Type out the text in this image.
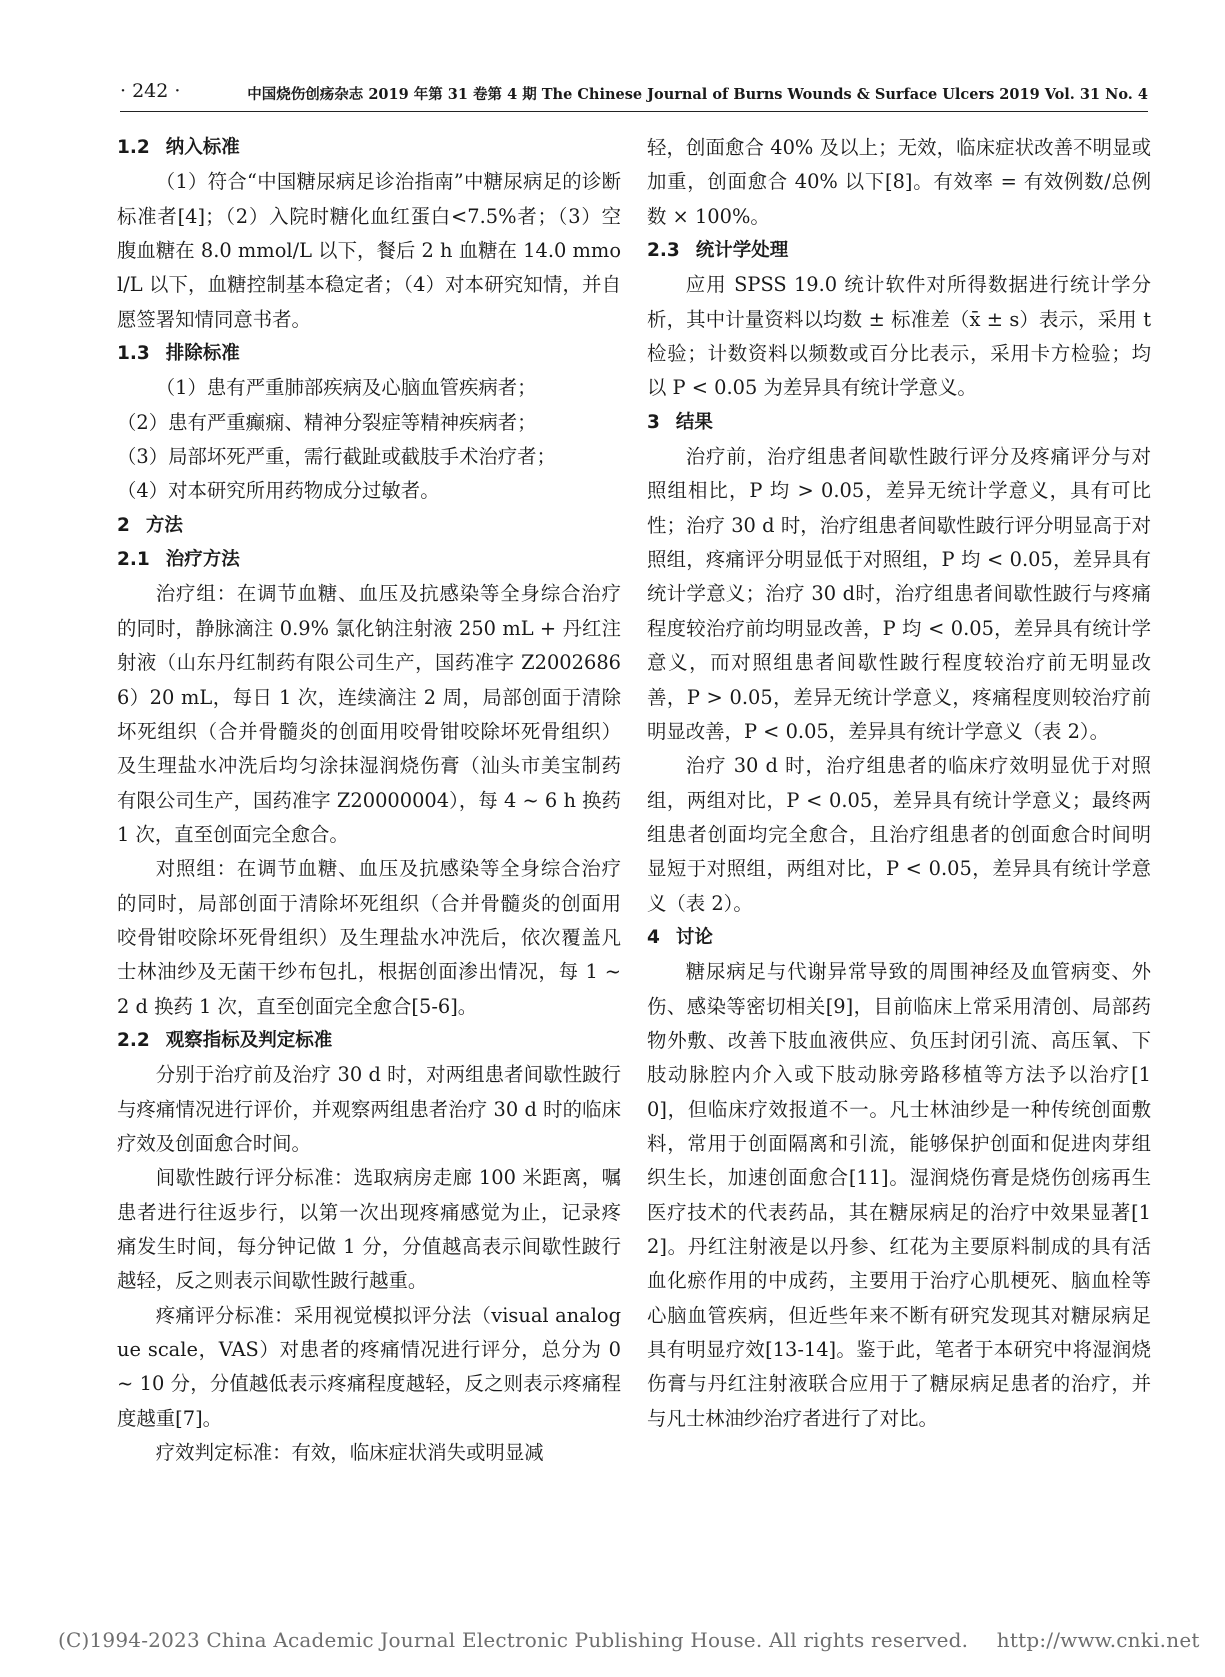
· 242 ·	中国烧伤创疡杂志 2019 年第 31 卷第 4 期 The Chinese Journal of Burns Wounds & Surface Ulcers 2019 Vol. 31 No. 4

1.2 纳入标准

（1）符合“中国糖尿病足诊治指南”中糖尿病足的诊断标准者[4]；（2）入院时糖化血红蛋白<7.5%者；（3）空腹血糖在 8.0 mmol/L 以下，餐后 2 h 血糖在 14.0 mmol/L 以下，血糖控制基本稳定者；（4）对本研究知情，并自愿签署知情同意书者。

1.3 排除标准

（1）患有严重肺部疾病及心脑血管疾病者；

（2）患有严重癫痫、精神分裂症等精神疾病者；

（3）局部坏死严重，需行截趾或截肢手术治疗者；

（4）对本研究所用药物成分过敏者。

2 方法

2.1 治疗方法

治疗组：在调节血糖、血压及抗感染等全身综合治疗的同时，静脉滴注 0.9% 氯化钠注射液 250 mL + 丹红注射液（山东丹红制药有限公司生产，国药准字 Z20026866）20 mL，每日 1 次，连续滴注 2 周，局部创面于清除坏死组织（合并骨髓炎的创面用咬骨钳咬除坏死骨组织）及生理盐水冲洗后均匀涂抹湿润烧伤膏（汕头市美宝制药有限公司生产，国药准字 Z20000004），每 4 ~ 6 h 换药 1 次，直至创面完全愈合。

对照组：在调节血糖、血压及抗感染等全身综合治疗的同时，局部创面于清除坏死组织（合并骨髓炎的创面用咬骨钳咬除坏死骨组织）及生理盐水冲洗后，依次覆盖凡士林油纱及无菌干纱布包扎，根据创面渗出情况，每 1 ~ 2 d 换药 1 次，直至创面完全愈合[5-6]。

2.2 观察指标及判定标准

分别于治疗前及治疗 30 d 时，对两组患者间歇性跛行与疼痛情况进行评价，并观察两组患者治疗 30 d 时的临床疗效及创面愈合时间。

间歇性跛行评分标准：选取病房走廊 100 米距离，嘱患者进行往返步行，以第一次出现疼痛感觉为止，记录疼痛发生时间，每分钟记做 1 分，分值越高表示间歇性跛行越轻，反之则表示间歇性跛行越重。

疼痛评分标准：采用视觉模拟评分法（visual analogue scale，VAS）对患者的疼痛情况进行评分，总分为 0 ~ 10 分，分值越低表示疼痛程度越轻，反之则表示疼痛程度越重[7]。

疗效判定标准：有效，临床症状消失或明显减

轻，创面愈合 40% 及以上；无效，临床症状改善不明显或加重，创面愈合 40% 以下[8]。有效率 = 有效例数/总例数 × 100%。

2.3 统计学处理

应用 SPSS 19.0 统计软件对所得数据进行统计学分析，其中计量资料以均数 ± 标准差（x̄ ± s）表示，采用 t 检验；计数资料以频数或百分比表示，采用卡方检验；均以 P < 0.05 为差异具有统计学意义。

3 结果

治疗前，治疗组患者间歇性跛行评分及疼痛评分与对照组相比，P 均 > 0.05，差异无统计学意义，具有可比性；治疗 30 d 时，治疗组患者间歇性跛行评分明显高于对照组，疼痛评分明显低于对照组，P 均 < 0.05，差异具有统计学意义；治疗 30 d时，治疗组患者间歇性跛行与疼痛程度较治疗前均明显改善，P 均 < 0.05，差异具有统计学意义，而对照组患者间歇性跛行程度较治疗前无明显改善，P > 0.05，差异无统计学意义，疼痛程度则较治疗前明显改善，P < 0.05，差异具有统计学意义（表 2）。

治疗 30 d 时，治疗组患者的临床疗效明显优于对照组，两组对比，P < 0.05，差异具有统计学意义；最终两组患者创面均完全愈合，且治疗组患者的创面愈合时间明显短于对照组，两组对比，P < 0.05，差异具有统计学意义（表 2）。

4 讨论

糖尿病足与代谢异常导致的周围神经及血管病变、外伤、感染等密切相关[9]，目前临床上常采用清创、局部药物外敷、改善下肢血液供应、负压封闭引流、高压氧、下肢动脉腔内介入或下肢动脉旁路移植等方法予以治疗[10]，但临床疗效报道不一。凡士林油纱是一种传统创面敷料，常用于创面隔离和引流，能够保护创面和促进肉芽组织生长，加速创面愈合[11]。湿润烧伤膏是烧伤创疡再生医疗技术的代表药品，其在糖尿病足的治疗中效果显著[12]。丹红注射液是以丹参、红花为主要原料制成的具有活血化瘀作用的中成药，主要用于治疗心肌梗死、脑血栓等心脑血管疾病，但近些年来不断有研究发现其对糖尿病足具有明显疗效[13-14]。鉴于此，笔者于本研究中将湿润烧伤膏与丹红注射液联合应用于了糖尿病足患者的治疗，并与凡士林油纱治疗者进行了对比。

(C)1994-2023 China Academic Journal Electronic Publishing House. All rights reserved. http://www.cnki.net
